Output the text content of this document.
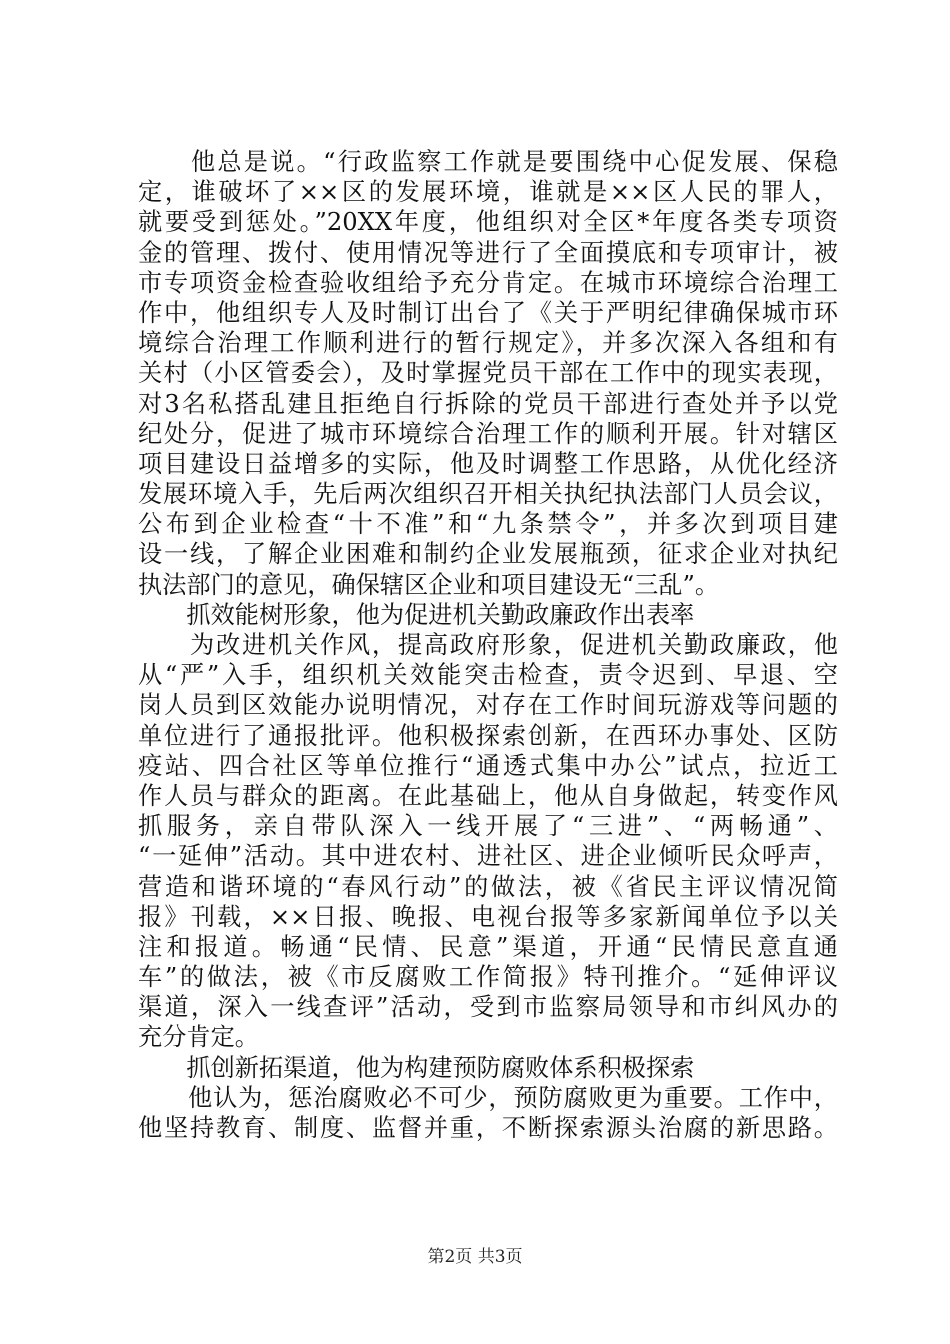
　　他总是说。“行政监察工作就是要围绕中心促发展、保稳
定，谁破坏了××区的发展环境，谁就是××区人民的罪人，
就要受到惩处。”20XX年度，他组织对全区*年度各类专项资
金的管理、拨付、使用情况等进行了全面摸底和专项审计，被
市专项资金检查验收组给予充分肯定。在城市环境综合治理工
作中，他组织专人及时制订出台了《关于严明纪律确保城市环
境综合治理工作顺利进行的暂行规定》，并多次深入各组和有
关村（小区管委会），及时掌握党员干部在工作中的现实表现，
对3名私搭乱建且拒绝自行拆除的党员干部进行查处并予以党
纪处分，促进了城市环境综合治理工作的顺利开展。针对辖区
项目建设日益增多的实际，他及时调整工作思路，从优化经济
发展环境入手，先后两次组织召开相关执纪执法部门人员会议，
公布到企业检查“十不准”和“九条禁令”，并多次到项目建
设一线，了解企业困难和制约企业发展瓶颈，征求企业对执纪
执法部门的意见，确保辖区企业和项目建设无“三乱”。
　　抓效能树形象，他为促进机关勤政廉政作出表率
　　为改进机关作风，提高政府形象，促进机关勤政廉政，他
从“严”入手，组织机关效能突击检查，责令迟到、早退、空
岗人员到区效能办说明情况，对存在工作时间玩游戏等问题的
单位进行了通报批评。他积极探索创新，在西环办事处、区防
疫站、四合社区等单位推行“通透式集中办公”试点，拉近工
作人员与群众的距离。在此基础上，他从自身做起，转变作风
抓服务，亲自带队深入一线开展了“三进”、“两畅通”、
“一延伸”活动。其中进农村、进社区、进企业倾听民众呼声，
营造和谐环境的“春风行动”的做法，被《省民主评议情况简
报》刊载，××日报、晚报、电视台报等多家新闻单位予以关
注和报道。畅通“民情、民意”渠道，开通“民情民意直通
车”的做法，被《市反腐败工作简报》特刊推介。“延伸评议
渠道，深入一线查评”活动，受到市监察局领导和市纠风办的
充分肯定。
　　抓创新拓渠道，他为构建预防腐败体系积极探索
　　他认为，惩治腐败必不可少，预防腐败更为重要。工作中，
他坚持教育、制度、监督并重，不断探索源头治腐的新思路。
第2页 共3页
